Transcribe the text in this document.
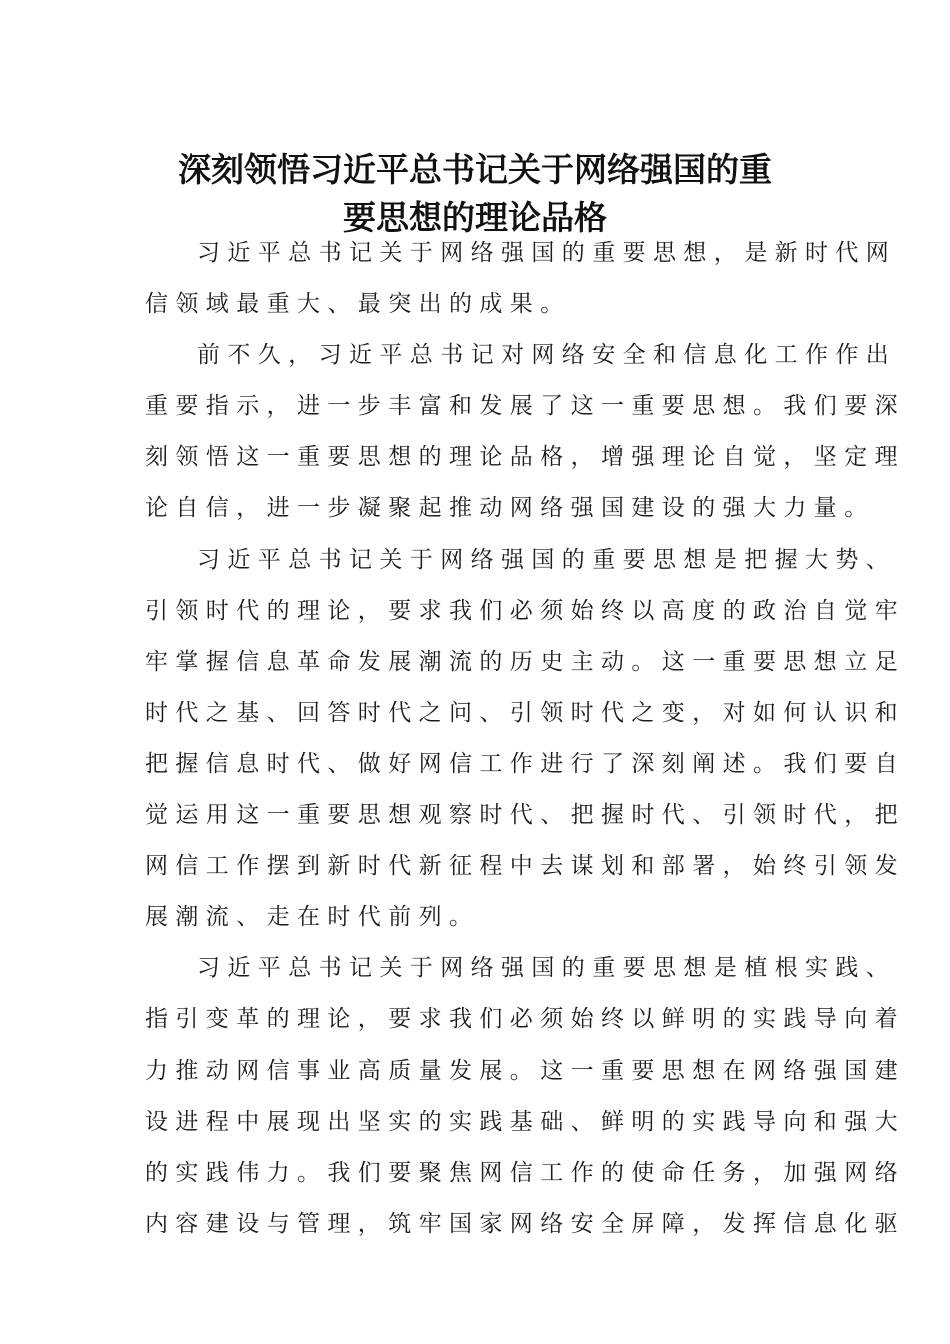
深刻领悟习近平总书记关于网络强国的重
要思想的理论品格
习近平总书记关于网络强国的重要思想，是新时代网
信领域最重大、最突出的成果。
前不久，习近平总书记对网络安全和信息化工作作出
重要指示，进一步丰富和发展了这一重要思想。我们要深
刻领悟这一重要思想的理论品格，增强理论自觉，坚定理
论自信，进一步凝聚起推动网络强国建设的强大力量。
习近平总书记关于网络强国的重要思想是把握大势、
引领时代的理论，要求我们必须始终以高度的政治自觉牢
牢掌握信息革命发展潮流的历史主动。这一重要思想立足
时代之基、回答时代之问、引领时代之变，对如何认识和
把握信息时代、做好网信工作进行了深刻阐述。我们要自
觉运用这一重要思想观察时代、把握时代、引领时代，把
网信工作摆到新时代新征程中去谋划和部署，始终引领发
展潮流、走在时代前列。
习近平总书记关于网络强国的重要思想是植根实践、
指引变革的理论，要求我们必须始终以鲜明的实践导向着
力推动网信事业高质量发展。这一重要思想在网络强国建
设进程中展现出坚实的实践基础、鲜明的实践导向和强大
的实践伟力。我们要聚焦网信工作的使命任务，加强网络
内容建设与管理，筑牢国家网络安全屏障，发挥信息化驱
